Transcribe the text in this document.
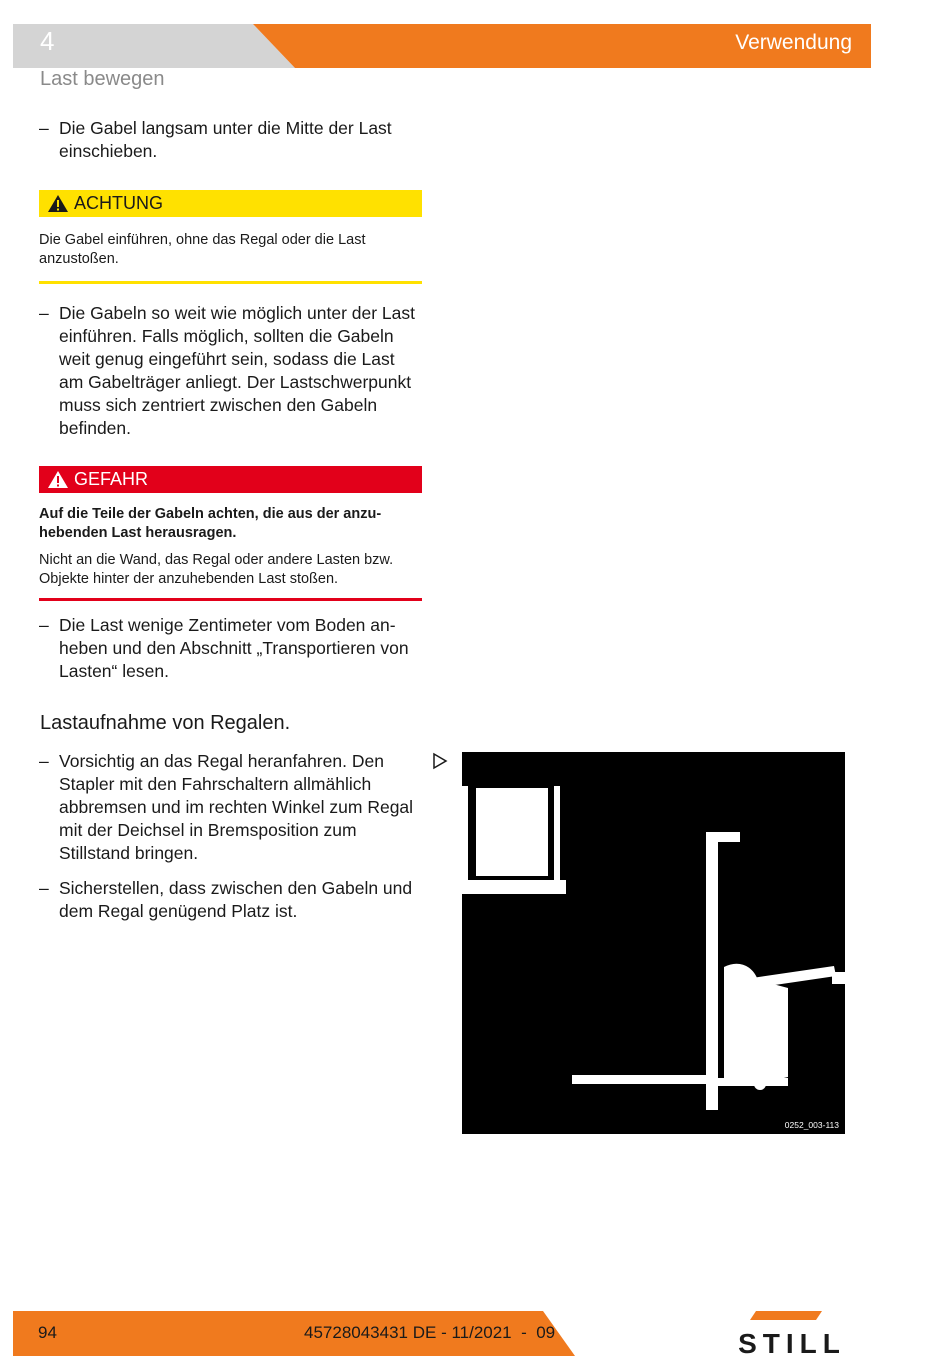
4	Verwendung
Last bewegen

– Die Gabel langsam unter die Mitte der Last einschieben.

ACHTUNG
Die Gabel einführen, ohne das Regal oder die Last anzustoßen.

– Die Gabeln so weit wie möglich unter der Last einführen. Falls möglich, sollten die Gabeln weit genug eingeführt sein, sodass die Last am Gabelträger anliegt. Der Lastschwerpunkt muss sich zentriert zwischen den Gabeln befinden.

GEFAHR
Auf die Teile der Gabeln achten, die aus der anzuhebenden Last herausragen.
Nicht an die Wand, das Regal oder andere Lasten bzw. Objekte hinter der anzuhebenden Last stoßen.

– Die Last wenige Zentimeter vom Boden anheben und den Abschnitt „Transportieren von Lasten“ lesen.

Lastaufnahme von Regalen.

– Vorsichtig an das Regal heranfahren. Den Stapler mit den Fahrschaltern allmählich abbremsen und im rechten Winkel zum Regal mit der Deichsel in Bremsposition zum Stillstand bringen.

– Sicherstellen, dass zwischen den Gabeln und dem Regal genügend Platz ist.

0252_003-113
94	45728043431 DE - 11/2021  -  09	STILL
